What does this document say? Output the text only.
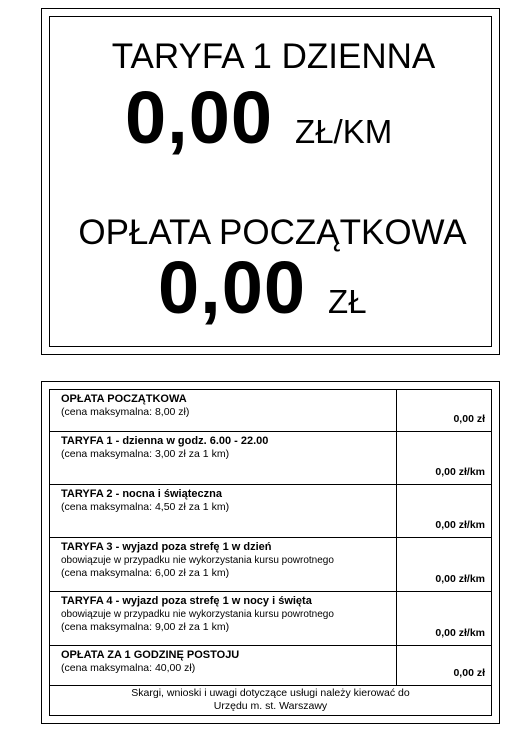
TARYFA 1 DZIENNA
0,00 ZŁ/KM
OPŁATA POCZĄTKOWA
0,00 ZŁ
OPŁATA POCZĄTKOWA
(cena maksymalna: 8,00 zł)	0,00 zł

TARYFA 1 - dzienna w godz. 6.00 - 22.00
(cena maksymalna: 3,00 zł za 1 km)	0,00 zł/km

TARYFA 2 - nocna i świąteczna
(cena maksymalna: 4,50 zł za 1 km)	0,00 zł/km

TARYFA 3 - wyjazd poza strefę 1 w dzień
obowiązuje w przypadku nie wykorzystania kursu powrotnego
(cena maksymalna: 6,00 zł za 1 km)	0,00 zł/km

TARYFA 4 - wyjazd poza strefę 1 w nocy i święta
obowiązuje w przypadku nie wykorzystania kursu powrotnego
(cena maksymalna: 9,00 zł za 1 km)	0,00 zł/km

OPŁATA ZA 1 GODZINĘ POSTOJU
(cena maksymalna: 40,00 zł)	0,00 zł

Skargi, wnioski i uwagi dotyczące usługi należy kierować do
Urzędu m. st. Warszawy	
